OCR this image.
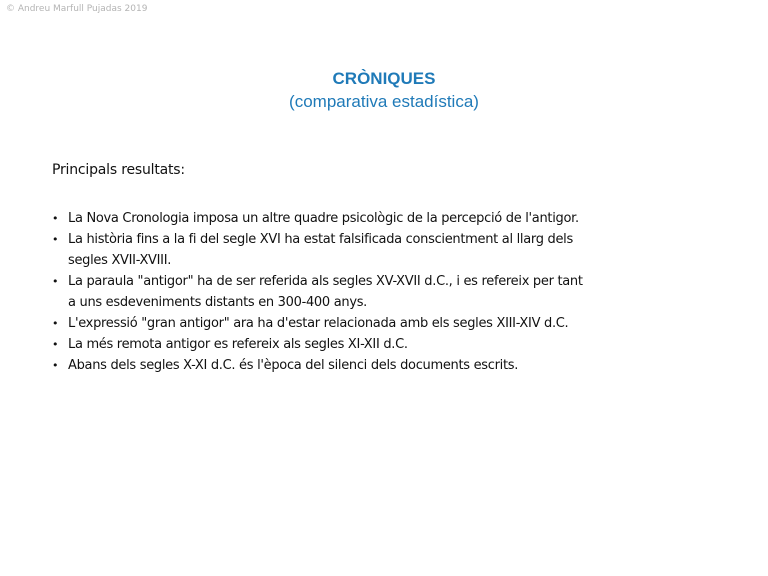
© Andreu Marfull Pujadas 2019
CRÒNIQUES
(comparativa estadística)
Principals resultats:
• La Nova Cronologia imposa un altre quadre psicològic de la percepció de l'antigor.
• La història fins a la fi del segle XVI ha estat falsificada conscientment al llarg dels
segles XVII-XVIII.
• La paraula "antigor" ha de ser referida als segles XV-XVII d.C., i es refereix per tant
a uns esdeveniments distants en 300-400 anys.
• L'expressió "gran antigor" ara ha d'estar relacionada amb els segles XIII-XIV d.C.
• La més remota antigor es refereix als segles XI-XII d.C.
• Abans dels segles X-XI d.C. és l'època del silenci dels documents escrits.
